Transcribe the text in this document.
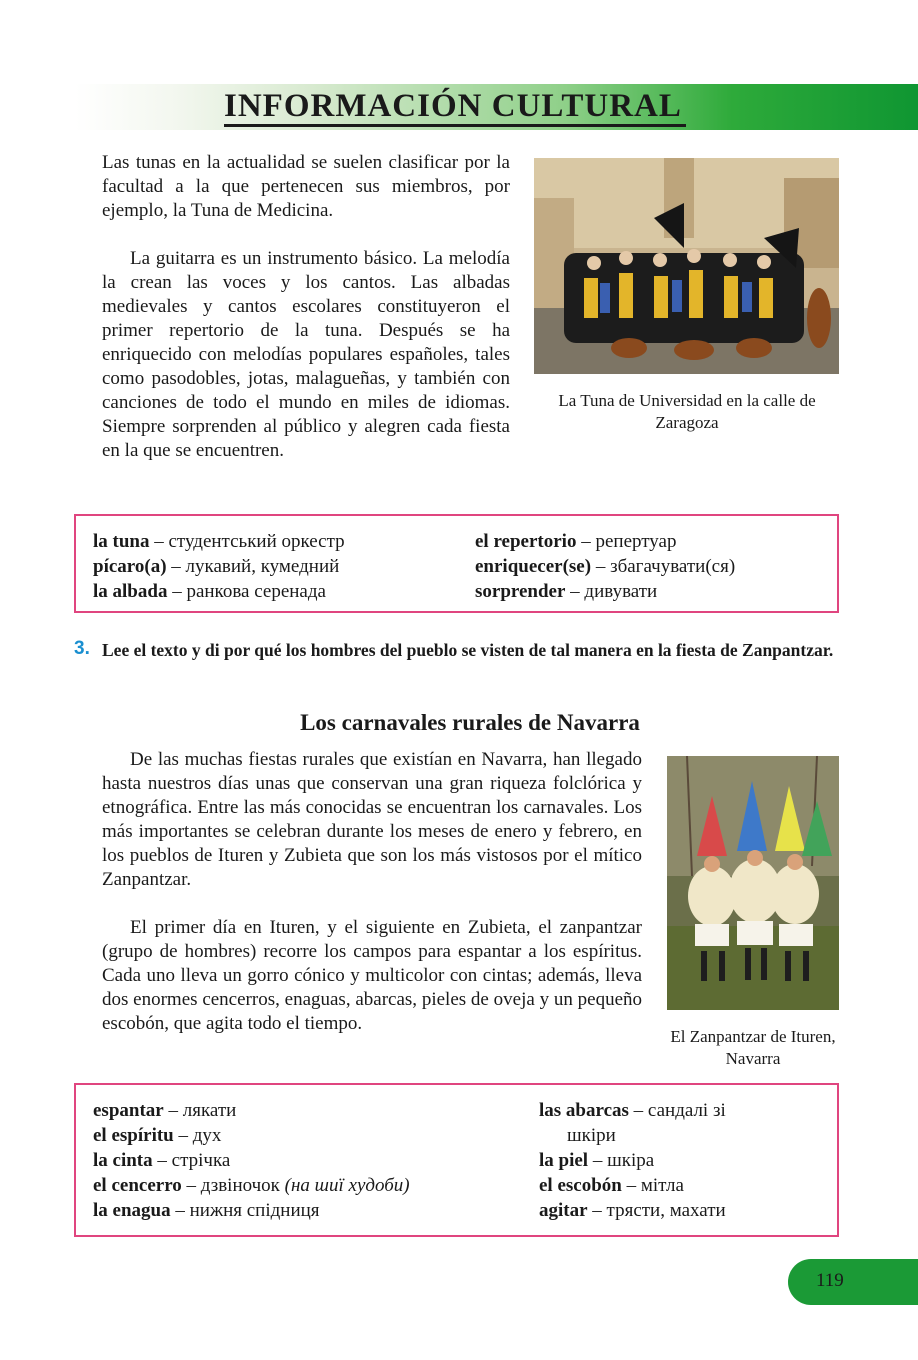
INFORMACIÓN CULTURAL
Las tunas en la actualidad se suelen clasificar por la facultad a la que pertenecen sus miembros, por ejemplo, la Tuna de Medicina.
La guitarra es un instrumento básico. La melodía la crean las voces y los cantos. Las albadas medievales y cantos escolares constituyeron el primer repertorio de la tuna. Después se ha enriquecido con melodías populares españoles, tales como pasodobles, jotas, malagueñas, y también con canciones de todo el mundo en miles de idiomas. Siempre sorprenden al público y alegren cada fiesta en la que se encuentren.
La Tuna de Universidad en la calle de Zaragoza
la tuna – студентський оркестр
pícaro(a) – лукавий, кумедний
la albada – ранкова серенада
el repertorio – репертуар
enriquecer(se) – збагачувати(ся)
sorprender – дивувати
3. Lee el texto y di por qué los hombres del pueblo se visten de tal manera en la fiesta de Zanpantzar.
Los carnavales rurales de Navarra
De las muchas fiestas rurales que existían en Navarra, han llegado hasta nuestros días unas que conservan una gran riqueza folclórica y etnográfica. Entre las más conocidas se encuentran los carnavales. Los más importantes se celebran durante los meses de enero y febrero, en los pueblos de Ituren y Zubieta que son los más vistosos por el mítico Zanpantzar.
El primer día en Ituren, y el siguiente en Zubieta, el zanpantzar (grupo de hombres) recorre los campos para espantar a los espíritus. Cada uno lleva un gorro cónico y multicolor con cintas; además, lleva dos enormes cencerros, enaguas, abarcas, pieles de oveja y un pequeño escobón, que agita todo el tiempo.
El Zanpantzar de Ituren, Navarra
espantar – лякати
el espíritu – дух
la cinta – стрічка
el cencerro – дзвіночок (на шиї худоби)
la enagua – нижня спідниця
las abarcas – сандалі зі
шкіри
la piel – шкіра
el escobón – мітла
agitar – трясти, махати
119
